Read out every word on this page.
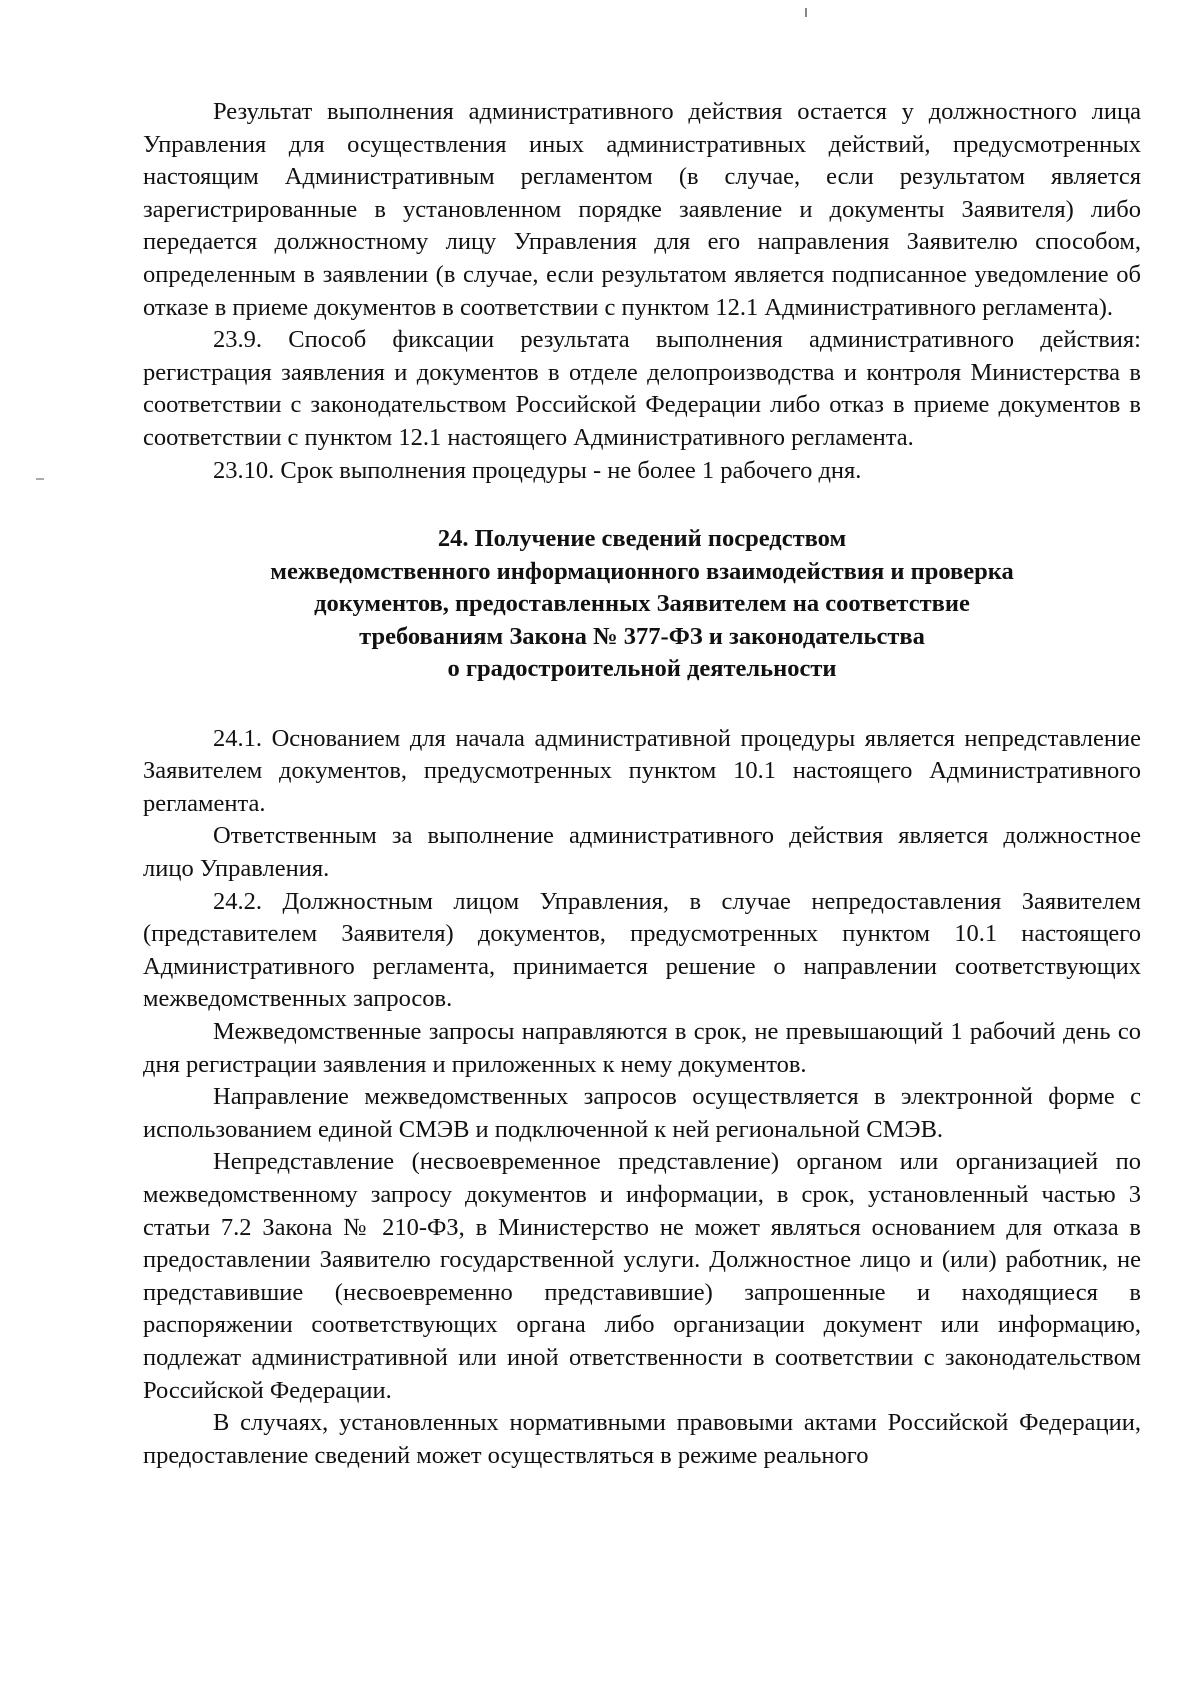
Результат выполнения административного действия остается у должностного лица Управления для осуществления иных административных действий, предусмотренных настоящим Административным регламентом (в случае, если результатом является зарегистрированные в установленном порядке заявление и документы Заявителя) либо передается должностному лицу Управления для его направления Заявителю способом, определенным в заявлении (в случае, если результатом является подписанное уведомление об отказе в приеме документов в соответствии с пунктом 12.1 Административного регламента).

23.9. Способ фиксации результата выполнения административного действия: регистрация заявления и документов в отделе делопроизводства и контроля Министерства в соответствии с законодательством Российской Федерации либо отказ в приеме документов в соответствии с пунктом 12.1 настоящего Административного регламента.

23.10. Срок выполнения процедуры - не более 1 рабочего дня.

24. Получение сведений посредством
межведомственного информационного взаимодействия и проверка
документов, предоставленных Заявителем на соответствие
требованиям Закона № 377-ФЗ и законодательства
о градостроительной деятельности

24.1. Основанием для начала административной процедуры является непредставление Заявителем документов, предусмотренных пунктом 10.1 настоящего Административного регламента.

Ответственным за выполнение административного действия является должностное лицо Управления.

24.2. Должностным лицом Управления, в случае непредоставления Заявителем (представителем Заявителя) документов, предусмотренных пунктом 10.1 настоящего Административного регламента, принимается решение о направлении соответствующих межведомственных запросов.

Межведомственные запросы направляются в срок, не превышающий 1 рабочий день со дня регистрации заявления и приложенных к нему документов.

Направление межведомственных запросов осуществляется в электронной форме с использованием единой СМЭВ и подключенной к ней региональной СМЭВ.

Непредставление (несвоевременное представление) органом или организацией по межведомственному запросу документов и информации, в срок, установленный частью 3 статьи 7.2 Закона № 210-ФЗ, в Министерство не может являться основанием для отказа в предоставлении Заявителю государственной услуги. Должностное лицо и (или) работник, не представившие (несвоевременно представившие) запрошенные и находящиеся в распоряжении соответствующих органа либо организации документ или информацию, подлежат административной или иной ответственности в соответствии с законодательством Российской Федерации.

В случаях, установленных нормативными правовыми актами Российской Федерации, предоставление сведений может осуществляться в режиме реального
